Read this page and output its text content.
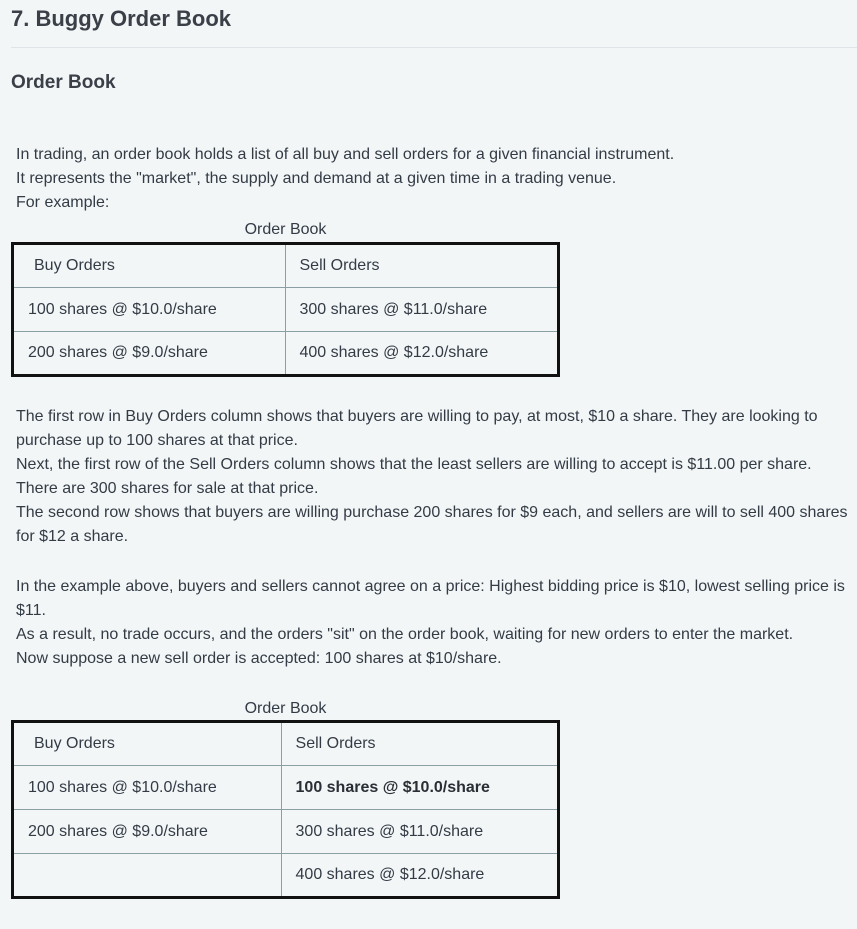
7. Buggy Order Book
Order Book

In trading, an order book holds a list of all buy and sell orders for a given financial instrument.

It represents the "market", the supply and demand at a given time in a trading venue.

For example:

Order Book
Buy Orders	Sell Orders
100 shares @ $10.0/share	300 shares @ $11.0/share
200 shares @ $9.0/share	400 shares @ $12.0/share

The first row in Buy Orders column shows that buyers are willing to pay, at most, $10 a share. They are looking to purchase up to 100 shares at that price.

Next, the first row of the Sell Orders column shows that the least sellers are willing to accept is $11.00 per share. There are 300 shares for sale at that price.

The second row shows that buyers are willing purchase 200 shares for $9 each, and sellers are will to sell 400 shares for $12 a share.

In the example above, buyers and sellers cannot agree on a price: Highest bidding price is $10, lowest selling price is $11.

As a result, no trade occurs, and the orders "sit" on the order book, waiting for new orders to enter the market.

Now suppose a new sell order is accepted: 100 shares at $10/share.

Order Book
Buy Orders	Sell Orders
100 shares @ $10.0/share	100 shares @ $10.0/share
200 shares @ $9.0/share	300 shares @ $11.0/share
	400 shares @ $12.0/share
